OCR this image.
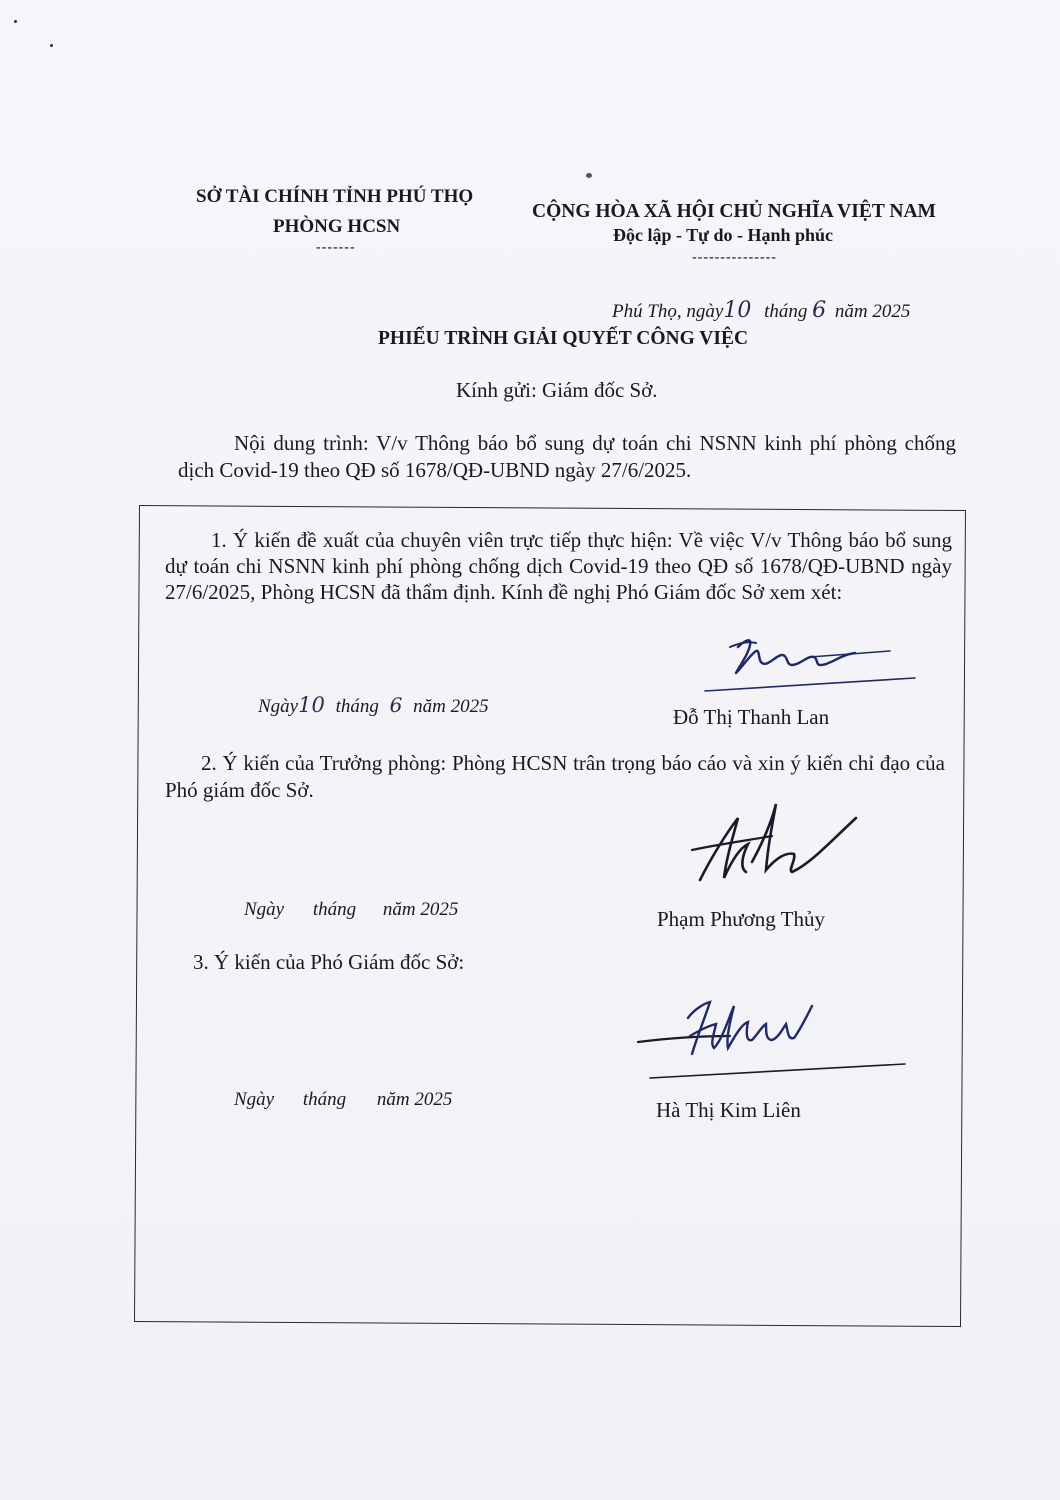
SỞ TÀI CHÍNH TỈNH PHÚ THỌ
PHÒNG HCSN
-------
CỘNG HÒA XÃ HỘI CHỦ NGHĨA VIỆT NAM
Độc lập - Tự do - Hạnh phúc
---------------
Phú Thọ, ngày10 tháng 6 năm 2025
PHIẾU TRÌNH GIẢI QUYẾT CÔNG VIỆC
Kính gửi: Giám đốc Sở.
Nội dung trình: V/v Thông báo bổ sung dự toán chi NSNN kinh phí phòng chống dịch Covid-19 theo QĐ số 1678/QĐ-UBND ngày 27/6/2025.
1. Ý kiến đề xuất của chuyên viên trực tiếp thực hiện: Về việc V/v Thông báo bổ sung dự toán chi NSNN kinh phí phòng chống dịch Covid-19 theo QĐ số 1678/QĐ-UBND ngày 27/6/2025, Phòng HCSN đã thẩm định. Kính đề nghị Phó Giám đốc Sở xem xét:
Ngày10 tháng 6 năm 2025	Đỗ Thị Thanh Lan
2. Ý kiến của Trưởng phòng: Phòng HCSN trân trọng báo cáo và xin ý kiến chỉ đạo của Phó giám đốc Sở.
Ngày tháng năm 2025	Phạm Phương Thủy
3. Ý kiến của Phó Giám đốc Sở:
Ngày tháng năm 2025	Hà Thị Kim Liên
